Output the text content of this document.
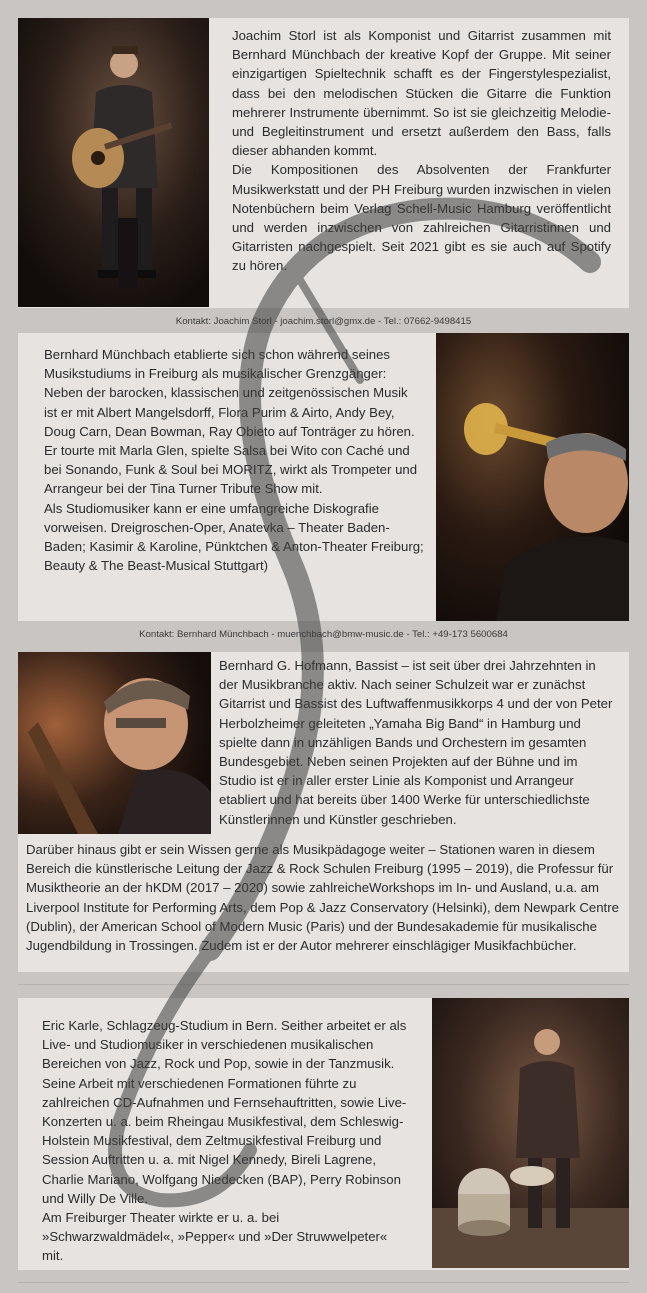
Joachim Storl ist als Komponist und Gitarrist zusammen mit Bernhard Münchbach der kreative Kopf der Gruppe. Mit seiner einzigartigen Spieltechnik schafft es der Fingerstylespezialist, dass bei den melodischen Stücken die Gitarre die Funktion mehrerer Instrumente übernimmt. So ist sie gleichzeitig Melodie- und Begleitinstrument und ersetzt außerdem den Bass, falls dieser abhanden kommt.

Die Kompositionen des Absolventen der Frankfurter Musikwerkstatt und der PH Freiburg wurden inzwischen in vielen Notenbüchern beim Verlag Schell-Music Hamburg veröffentlicht und werden inzwischen von zahlreichen Gitarristinnen und Gitarristen nachgespielt. Seit 2021 gibt es sie auch auf Spotify zu hören.

Kontakt: Joachim Storl - joachim.storl@gmx.de - Tel.: 07662-9498415

Bernhard Münchbach etablierte sich schon während seines Musikstudiums in Freiburg als musikalischer Grenzgänger: Neben der barocken, klassischen und zeitgenössischen Musik ist er mit Albert Mangelsdorff, Flora Purim & Airto, Andy Bey, Doug Carn, Dean Bowman, Ray Obieto auf Tonträger zu hören. Er tourte mit Marla Glen, spielte Salsa bei Wito con Caché und bei Sonando, Funk & Soul bei MORITZ, wirkt als Trompeter und Arrangeur bei der Tina Turner Tribute Show mit.

Als Studiomusiker kann er eine umfangreiche Diskografie vorweisen. Dreigroschen-Oper, Anatevka – Theater Baden-Baden; Kasimir & Karoline, Pünktchen & Anton-Theater Freiburg; Beauty & The Beast-Musical Stuttgart)

Kontakt: Bernhard Münchbach - muenchbach@bmw-music.de - Tel.: +49-173 5600684

Bernhard G. Hofmann, Bassist – ist seit über drei Jahrzehnten in der Musikbranche aktiv. Nach seiner Schulzeit war er zunächst Gitarrist und Bassist des Luftwaffenmusikkorps 4 und der von Peter Herbolzheimer geleiteten „Yamaha Big Band“ in Hamburg und spielte dann in unzähligen Bands und Orchestern im gesamten Bundesgebiet. Neben seinen Projekten auf der Bühne und im Studio ist er in aller erster Linie als Komponist und Arrangeur etabliert und hat bereits über 1400 Werke für unterschiedlichste Künstlerinnen und Künstler geschrieben.

Darüber hinaus gibt er sein Wissen gerne als Musikpädagoge weiter – Stationen waren in diesem Bereich die künstlerische Leitung der Jazz & Rock Schulen Freiburg (1995 – 2019), die Professur für Musiktheorie an der hKDM (2017 – 2020) sowie zahlreicheWorkshops im In- und Ausland, u.a. am Liverpool Institute for Performing Arts, dem Pop & Jazz Conservatory (Helsinki), dem Newpark Centre (Dublin), der American School of Modern Music (Paris) und der Bundesakademie für musikalische Jugendbildung in Trossingen. Zudem ist er der Autor mehrerer einschlägiger Musikfachbücher.

Eric Karle, Schlagzeug-Studium in Bern. Seither arbeitet er als Live- und Studiomusiker in verschiedenen musikalischen Bereichen von Jazz, Rock und Pop, sowie in der Tanzmusik. Seine Arbeit mit verschiedenen Formationen führte zu zahlreichen CD-Aufnahmen und Fernsehauftritten, sowie Live-Konzerten u. a. beim Rheingau Musikfestival, dem Schleswig-Holstein Musikfestival, dem Zeltmusikfestival Freiburg und Session Auftritten u. a. mit Nigel Kennedy, Bireli Lagrene, Charlie Mariano, Wolfgang Niedecken (BAP), Perry Robinson und Willy De Ville.

Am Freiburger Theater wirkte er u. a. bei »Schwarzwaldmädel«, »Pepper« und »Der Struwwelpeter« mit.
